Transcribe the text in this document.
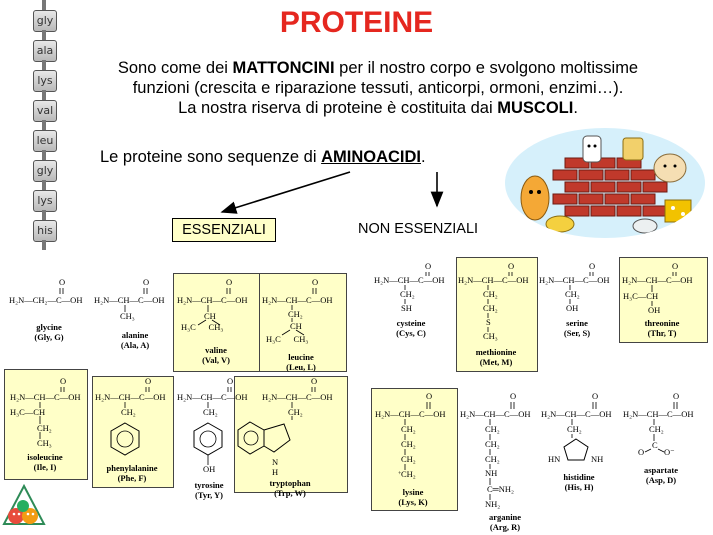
gly
ala
lys
val
leu
gly
lys
his
PROTEINE
Sono come dei MATTONCINI per il nostro corpo e svolgono moltissime
funzioni (crescita e riparazione tessuti, anticorpi, ormoni, enzimi…).
La nostra riserva di proteine è costituita dai MUSCOLI.
Le proteine sono sequenze di AMINOACIDI.
ESSENZIALI	NON ESSENZIALI
O
H₂N—CH₂—C—OH
glycine
(Gly, G)
O
H₂N—CH—C—OH
CH₃
alanine
(Ala, A)
O
H₂N—CH—C—OH
CH
H₃C      CH₃
valine
(Val, V)
O
H₂N—CH—C—OH
CH₂
CH
H₃C      CH₃
leucine
(Leu, L)
O
H₂N—CH—C—OH
CH₂
SH
cysteine
(Cys, C)
O
H₂N—CH—C—OH
CH₂
CH₂
S
CH₃
methionine
(Met, M)
O
H₂N—CH—C—OH
CH₂
OH
serine
(Ser, S)
O
H₂N—CH—C—OH
H₃C—CH
OH
threonine
(Thr, T)
O
H₂N—CH—C—OH
H₃C—CH
CH₂
CH₃
isoleucine
(Ile, I)
O
H₂N—CH—C—OH
CH₂
phenylalanine
(Phe, F)
O
H₂N—CH—C—OH
CH₂
OH
tyrosine
(Tyr, Y)
O
H₂N—CH—C—OH
CH₂
N
H
tryptophan
(Trp, W)
O
H₂N—CH—C—OH
CH₂
CH₂
CH₂
CH₂
+
lysine
(Lys, K)
O
H₂N—CH—C—OH
CH₂
CH₂
CH₂
NH
C═NH₂
NH₂
arganine
(Arg, R)
O
H₂N—CH—C—OH
CH₂
HN	NH
histidine
(His, H)
O
H₂N—CH—C—OH
CH₂
C
O O⁻
aspartate
(Asp, D)
